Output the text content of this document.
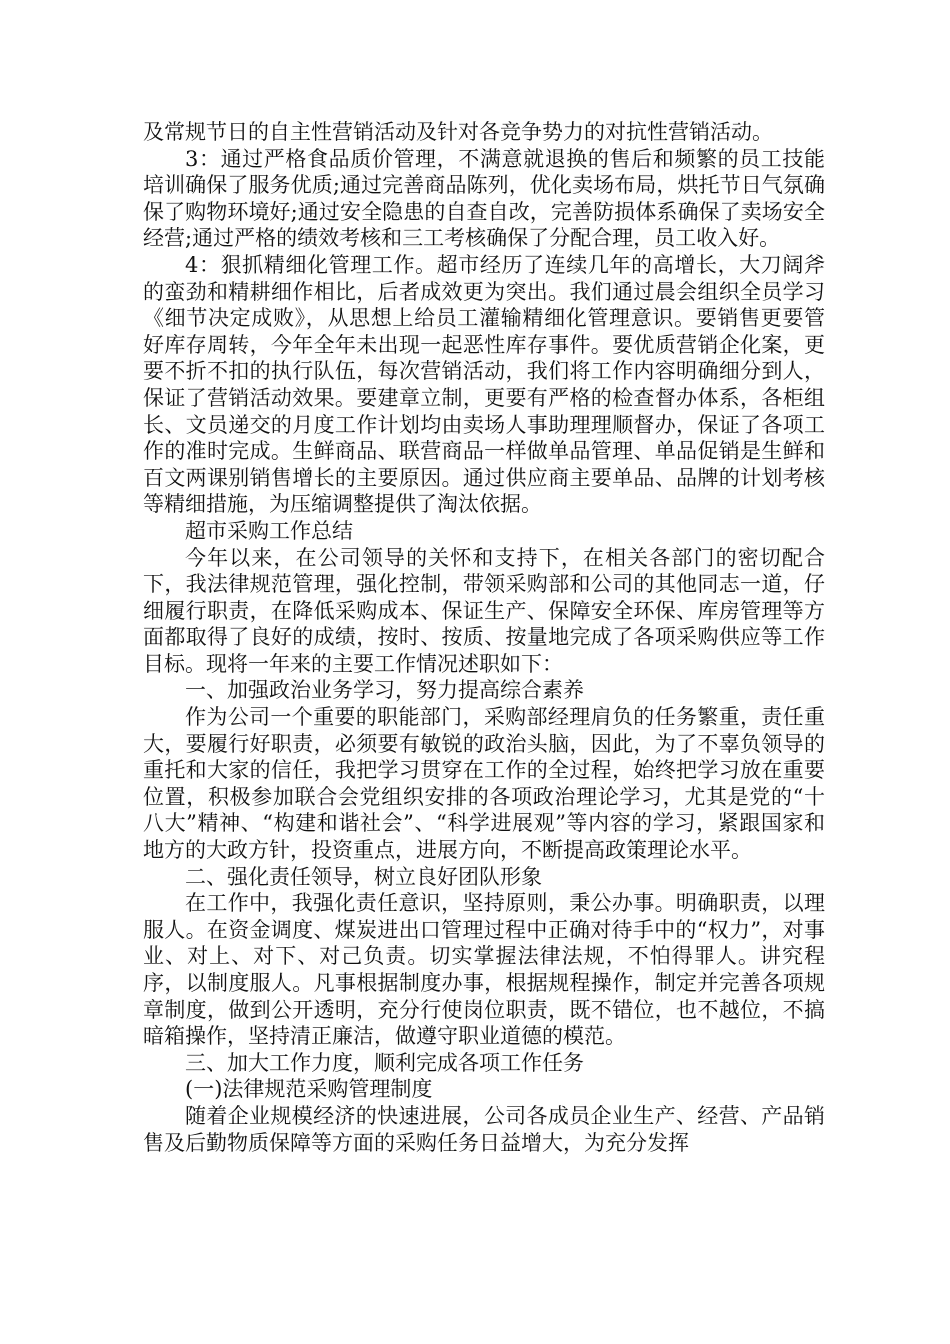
及常规节日的自主性营销活动及针对各竞争势力的对抗性营销活动。

3：通过严格食品质价管理，不满意就退换的售后和频繁的员工技能培训确保了服务优质;通过完善商品陈列，优化卖场布局，烘托节日气氛确保了购物环境好;通过安全隐患的自查自改，完善防损体系确保了卖场安全经营;通过严格的绩效考核和三工考核确保了分配合理，员工收入好。

4：狠抓精细化管理工作。超市经历了连续几年的高增长，大刀阔斧的蛮劲和精耕细作相比，后者成效更为突出。我们通过晨会组织全员学习《细节决定成败》，从思想上给员工灌输精细化管理意识。要销售更要管好库存周转，今年全年未出现一起恶性库存事件。要优质营销企化案，更要不折不扣的执行队伍，每次营销活动，我们将工作内容明确细分到人，保证了营销活动效果。要建章立制，更要有严格的检查督办体系，各柜组长、文员递交的月度工作计划均由卖场人事助理理顺督办，保证了各项工作的准时完成。生鲜商品、联营商品一样做单品管理、单品促销是生鲜和百文两课别销售增长的主要原因。通过供应商主要单品、品牌的计划考核等精细措施，为压缩调整提供了淘汰依据。

超市采购工作总结

今年以来，在公司领导的关怀和支持下，在相关各部门的密切配合下，我法律规范管理，强化控制，带领采购部和公司的其他同志一道，仔细履行职责，在降低采购成本、保证生产、保障安全环保、库房管理等方面都取得了良好的成绩，按时、按质、按量地完成了各项采购供应等工作目标。现将一年来的主要工作情况述职如下：

一、加强政治业务学习，努力提高综合素养

作为公司一个重要的职能部门，采购部经理肩负的任务繁重，责任重大，要履行好职责，必须要有敏锐的政治头脑，因此，为了不辜负领导的重托和大家的信任，我把学习贯穿在工作的全过程，始终把学习放在重要位置，积极参加联合会党组织安排的各项政治理论学习，尤其是党的“十八大”精神、“构建和谐社会”、“科学进展观”等内容的学习，紧跟国家和地方的大政方针，投资重点，进展方向，不断提高政策理论水平。

二、强化责任领导，树立良好团队形象

在工作中，我强化责任意识，坚持原则，秉公办事。明确职责，以理服人。在资金调度、煤炭进出口管理过程中正确对待手中的“权力”，对事业、对上、对下、对己负责。切实掌握法律法规，不怕得罪人。讲究程序，以制度服人。凡事根据制度办事，根据规程操作，制定并完善各项规章制度，做到公开透明，充分行使岗位职责，既不错位，也不越位，不搞暗箱操作，坚持清正廉洁，做遵守职业道德的模范。

三、加大工作力度，顺利完成各项工作任务

(一)法律规范采购管理制度

随着企业规模经济的快速进展，公司各成员企业生产、经营、产品销售及后勤物质保障等方面的采购任务日益增大，为充分发挥
